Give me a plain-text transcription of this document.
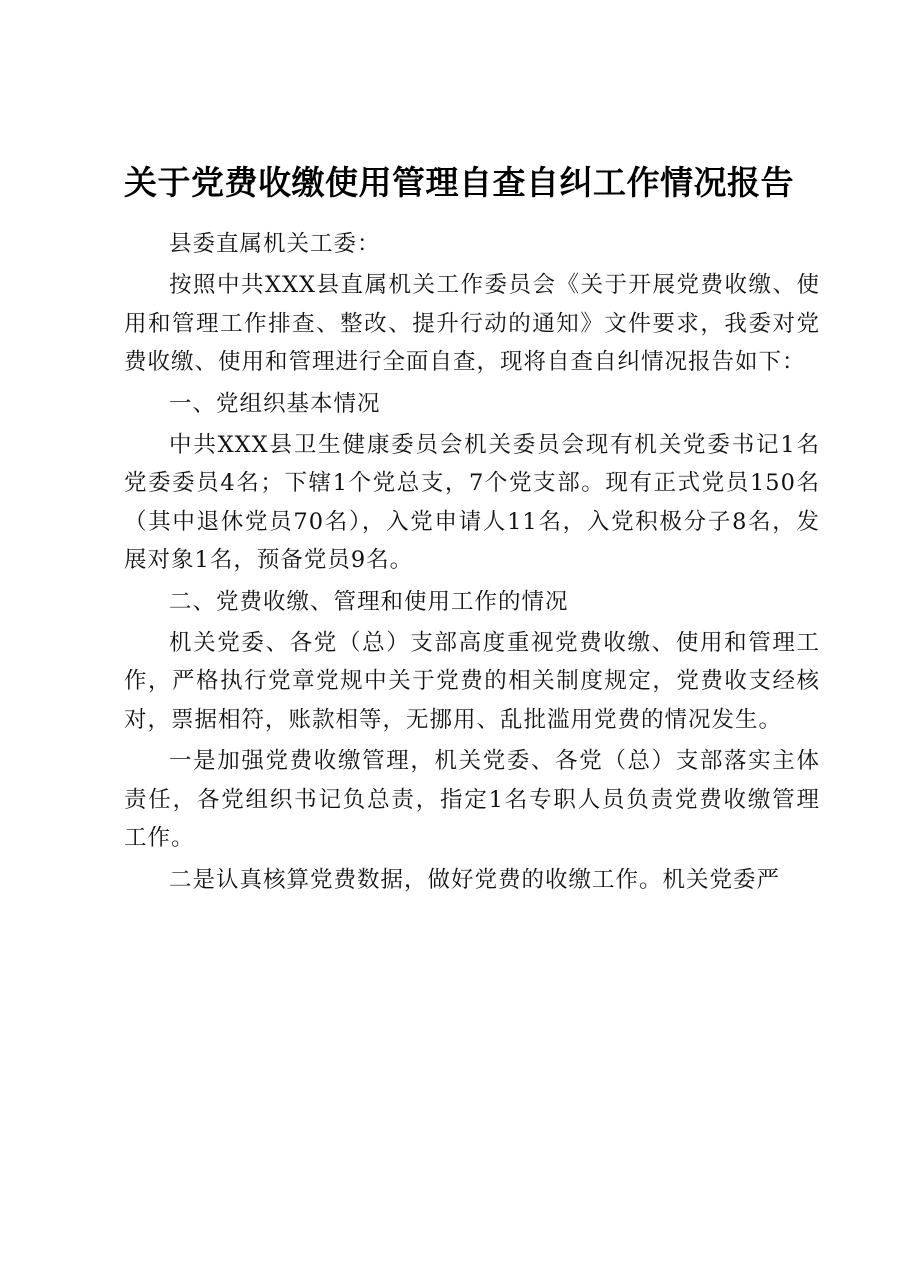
关于党费收缴使用管理自查自纠工作情况报告

县委直属机关工委：

按照中共XXX县直属机关工作委员会《关于开展党费收缴、使用和管理工作排查、整改、提升行动的通知》文件要求，我委对党费收缴、使用和管理进行全面自查，现将自查自纠情况报告如下：

一、党组织基本情况

中共XXX县卫生健康委员会机关委员会现有机关党委书记1名党委委员4名；下辖1个党总支，7个党支部。现有正式党员150名（其中退休党员70名），入党申请人11名，入党积极分子8名，发展对象1名，预备党员9名。

二、党费收缴、管理和使用工作的情况

机关党委、各党（总）支部高度重视党费收缴、使用和管理工作，严格执行党章党规中关于党费的相关制度规定，党费收支经核对，票据相符，账款相等，无挪用、乱批滥用党费的情况发生。

一是加强党费收缴管理，机关党委、各党（总）支部落实主体责任，各党组织书记负总责，指定1名专职人员负责党费收缴管理工作。

二是认真核算党费数据，做好党费的收缴工作。机关党委严
